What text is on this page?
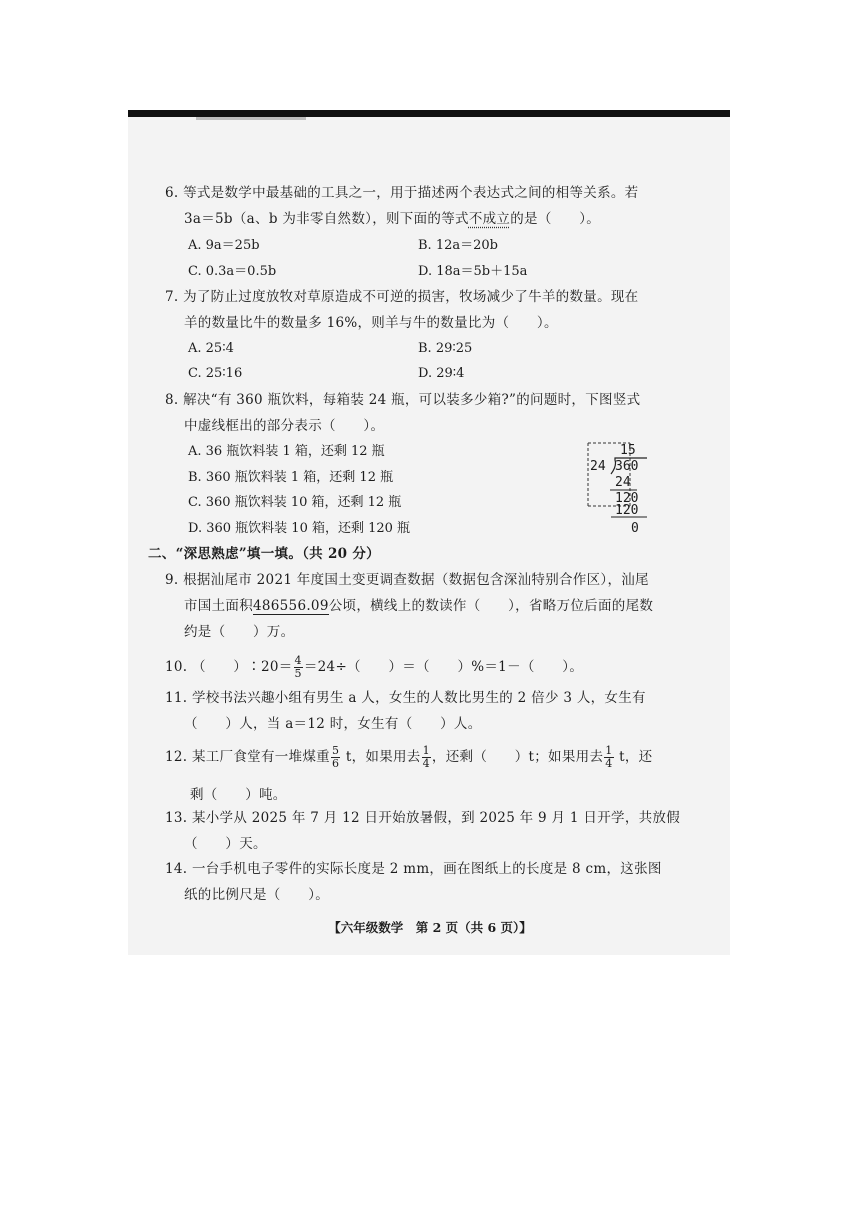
6. 等式是数学中最基础的工具之一，用于描述两个表达式之间的相等关系。若
3a＝5b（a、b 为非零自然数），则下面的等式不成立的是（　　）。
A. 9a＝25b	B. 12a＝20b
C. 0.3a＝0.5b	D. 18a＝5b＋15a
7. 为了防止过度放牧对草原造成不可逆的损害，牧场减少了牛羊的数量。现在
羊的数量比牛的数量多 16%，则羊与牛的数量比为（　　）。
A. 25∶4	B. 29∶25
C. 25∶16	D. 29∶4
8. 解决“有 360 瓶饮料，每箱装 24 瓶，可以装多少箱?”的问题时，下图竖式
中虚线框出的部分表示（　　）。
A. 36 瓶饮料装 1 箱，还剩 12 瓶
B. 360 瓶饮料装 1 箱，还剩 12 瓶
C. 360 瓶饮料装 10 箱，还剩 12 瓶
D. 360 瓶饮料装 10 箱，还剩 120 瓶
15
24 360
24
120
120
0
二、“深思熟虑”填一填。（共 20 分）
9. 根据汕尾市 2021 年度国土变更调查数据（数据包含深汕特别合作区），汕尾
市国土面积486556.09公顷，横线上的数读作（　　），省略万位后面的尾数
约是（　　）万。
10. （　　）∶20＝ $\frac{4}{5} =24\div$（　　）＝（　　）%＝1－（　　）。
11. 学校书法兴趣小组有男生 a 人，女生的人数比男生的 2 倍少 3 人，女生有
（　　）人，当 a＝12 时，女生有（　　）人。
12. 某工厂食堂有一堆煤重 $\frac{5}{6}$ t，如果用去 $\frac{1}{4}$ ，还剩（　　）t；如果用去 $\frac{1}{4}$ t，还
剩（　　）吨。
13. 某小学从 2025 年 7 月 12 日开始放暑假，到 2025 年 9 月 1 日开学，共放假
（　　）天。
14. 一台手机电子零件的实际长度是 2 mm，画在图纸上的长度是 8 cm，这张图
纸的比例尺是（　　）。
【六年级数学　第 2 页（共 6 页）】
